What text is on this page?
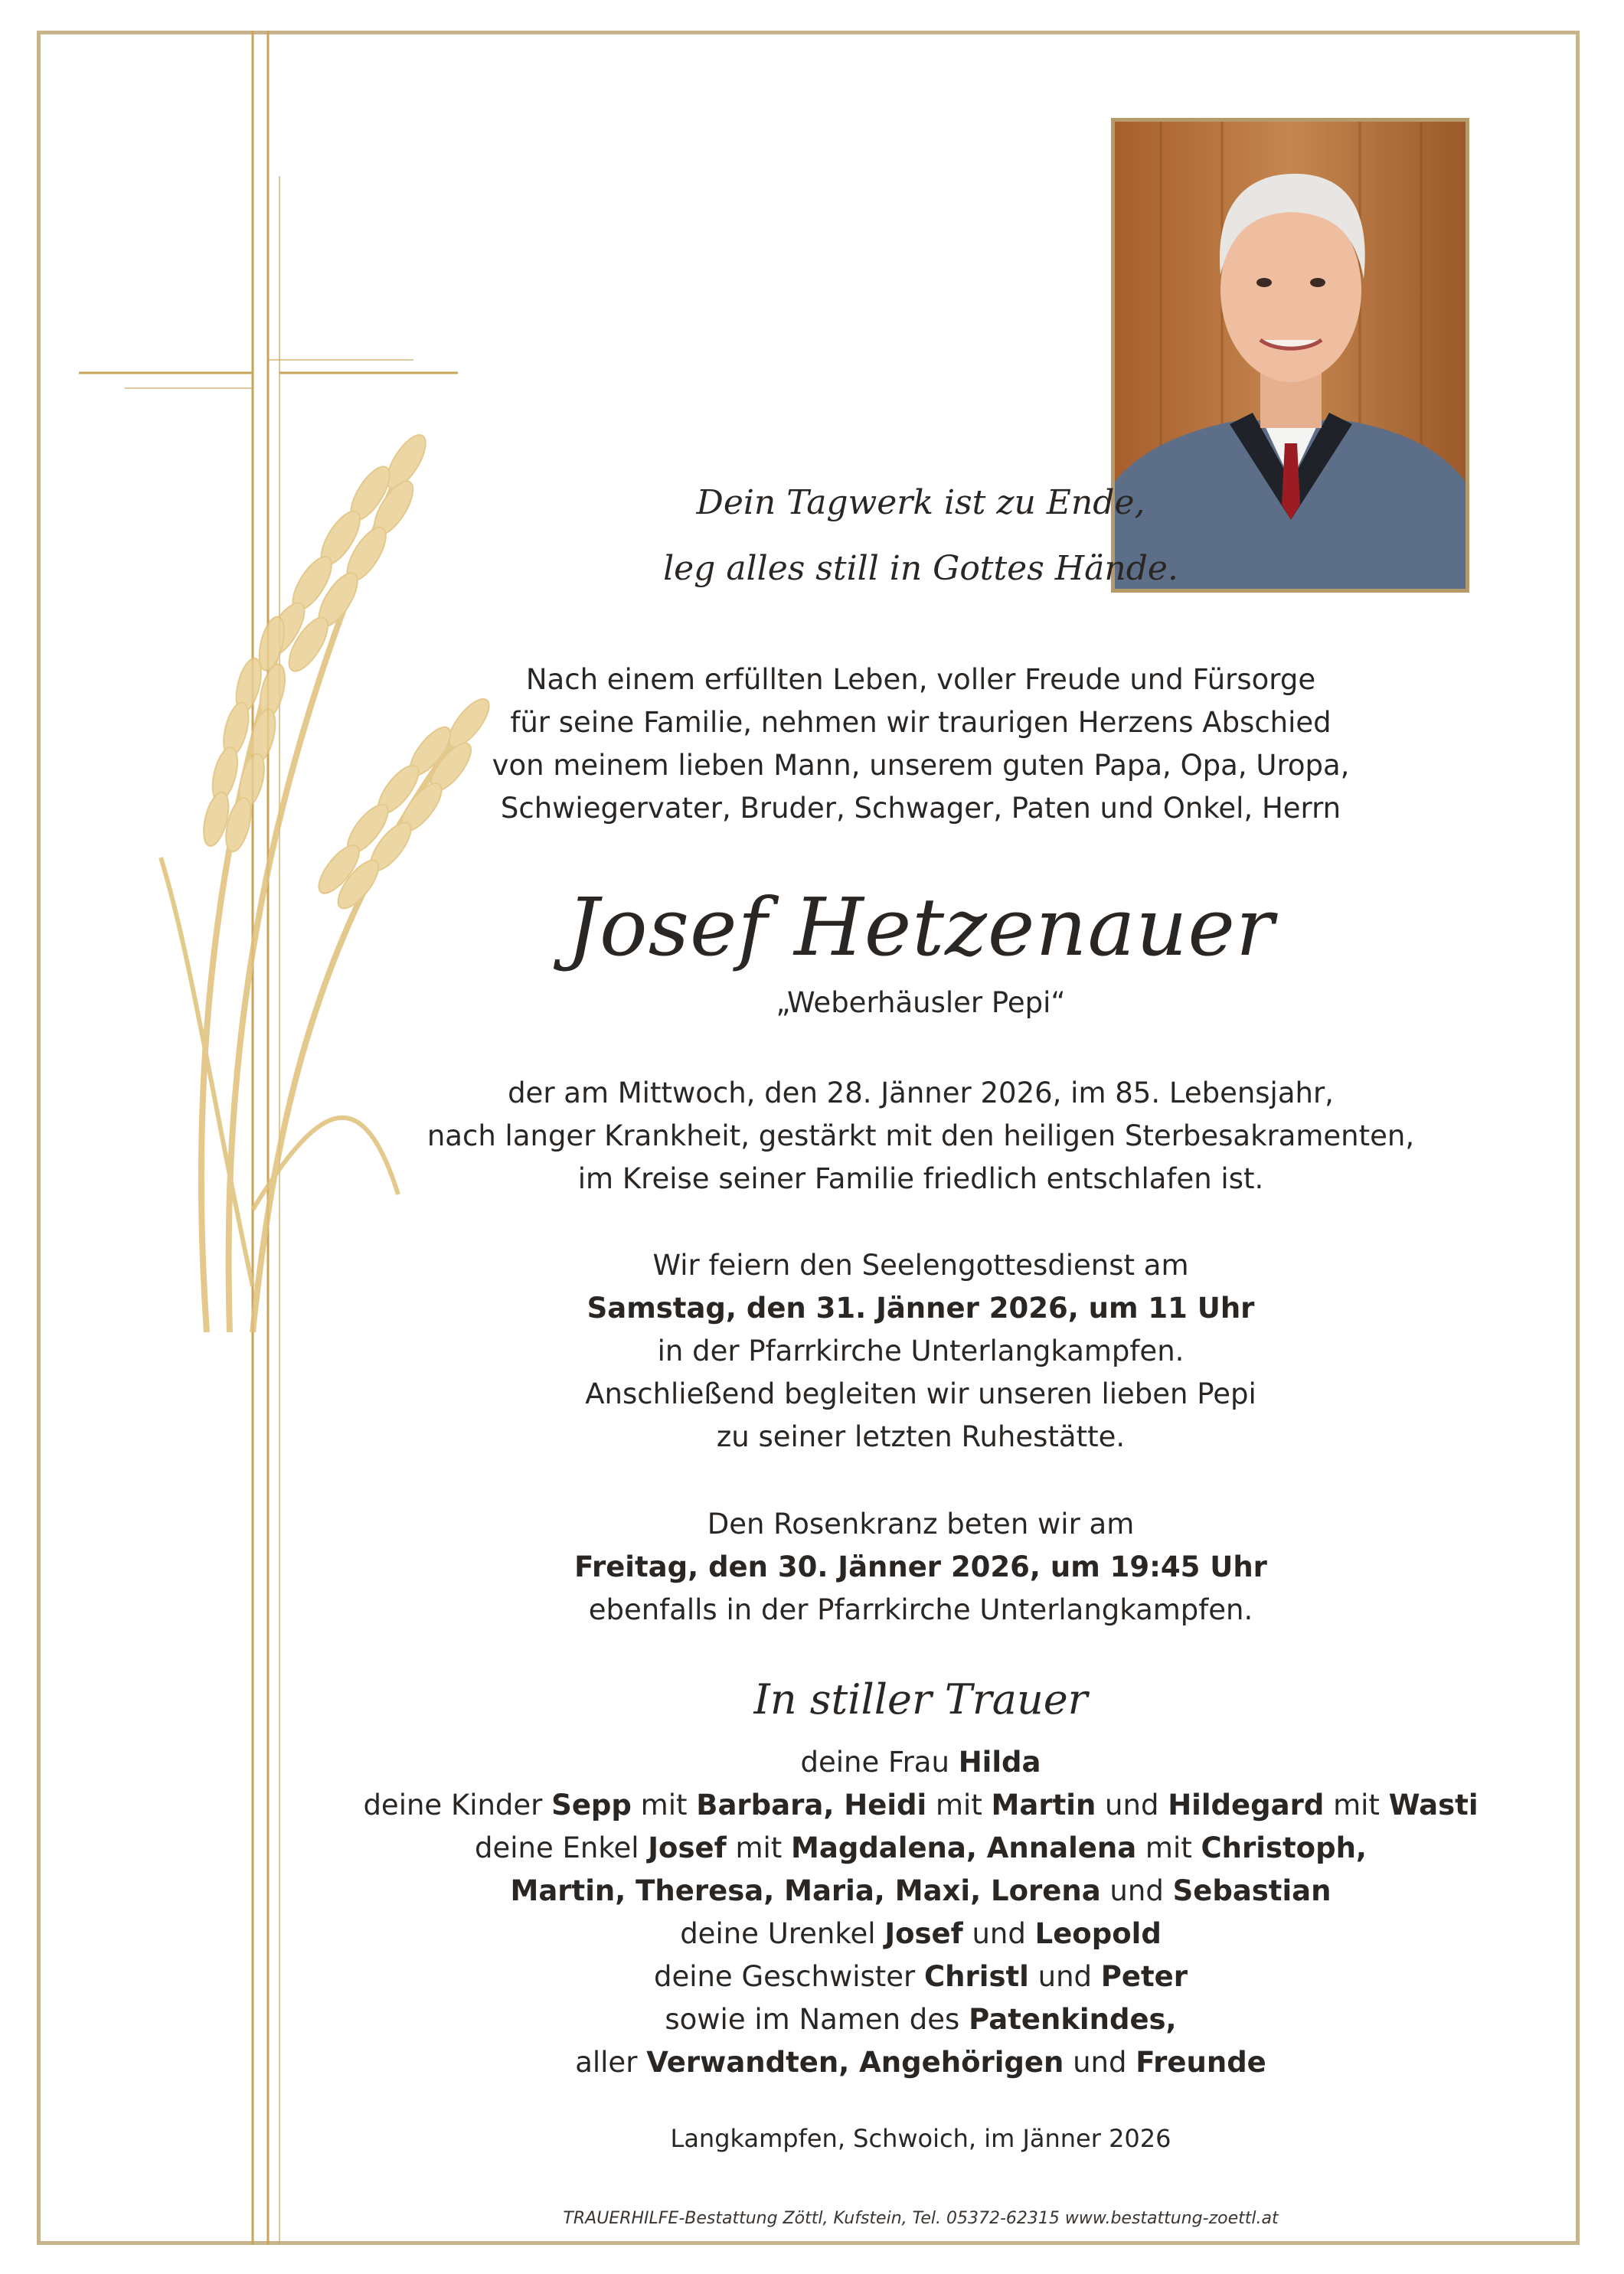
Dein Tagwerk ist zu Ende,
leg alles still in Gottes Hände.
Nach einem erfüllten Leben, voller Freude und Fürsorge
für seine Familie, nehmen wir traurigen Herzens Abschied
von meinem lieben Mann, unserem guten Papa, Opa, Uropa,
Schwiegervater, Bruder, Schwager, Paten und Onkel, Herrn
Josef Hetzenauer
„Weberhäusler Pepi“
der am Mittwoch, den 28. Jänner 2026, im 85. Lebensjahr,
nach langer Krankheit, gestärkt mit den heiligen Sterbesakramenten,
im Kreise seiner Familie friedlich entschlafen ist.
Wir feiern den Seelengottesdienst am
Samstag, den 31. Jänner 2026, um 11 Uhr
in der Pfarrkirche Unterlangkampfen.
Anschließend begleiten wir unseren lieben Pepi
zu seiner letzten Ruhestätte.
Den Rosenkranz beten wir am
Freitag, den 30. Jänner 2026, um 19:45 Uhr
ebenfalls in der Pfarrkirche Unterlangkampfen.
In stiller Trauer
deine Frau Hilda
deine Kinder Sepp mit Barbara, Heidi mit Martin und Hildegard mit Wasti
deine Enkel Josef mit Magdalena, Annalena mit Christoph,
Martin, Theresa, Maria, Maxi, Lorena und Sebastian
deine Urenkel Josef und Leopold
deine Geschwister Christl und Peter
sowie im Namen des Patenkindes,
aller Verwandten, Angehörigen und Freunde
Langkampfen, Schwoich, im Jänner 2026
TRAUERHILFE-Bestattung Zöttl, Kufstein, Tel. 05372-62315 www.bestattung-zoettl.at
